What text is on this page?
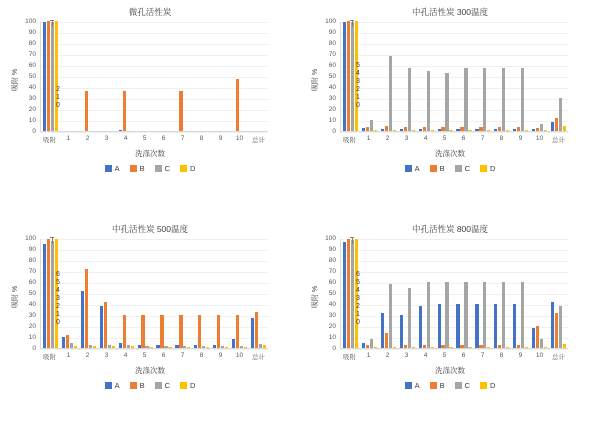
微孔活性炭
吸附 %
100
90
80
70
60
50
40
30
20
10
0
吸附	1	2	3	4	5	6	7	8	9	10	总计
洗涤次数
A	B	C	D
2
1
0
中孔活性炭 300温度
吸附 %
100
90
80
70
60
50
40
30
20
10
0
吸附	1	2	3	4	5	6	7	8	9	10	总计
洗涤次数
A	B	C	D
5
4
3
2
1
0
中孔活性炭 500温度
吸附 %
100
90
80
70
60
50
40
30
20
10
0
吸附	1	2	3	4	5	6	7	8	9	10	总计
洗涤次数
A	B	C	D
6
5
4
3
2
1
0
中孔活性炭 800温度
吸附 %
100
90
80
70
60
50
40
30
20
10
0
吸附	1	2	3	4	5	6	7	8	9	10	总计
洗涤次数
A	B	C	D
6
5
4
3
2
1
0
